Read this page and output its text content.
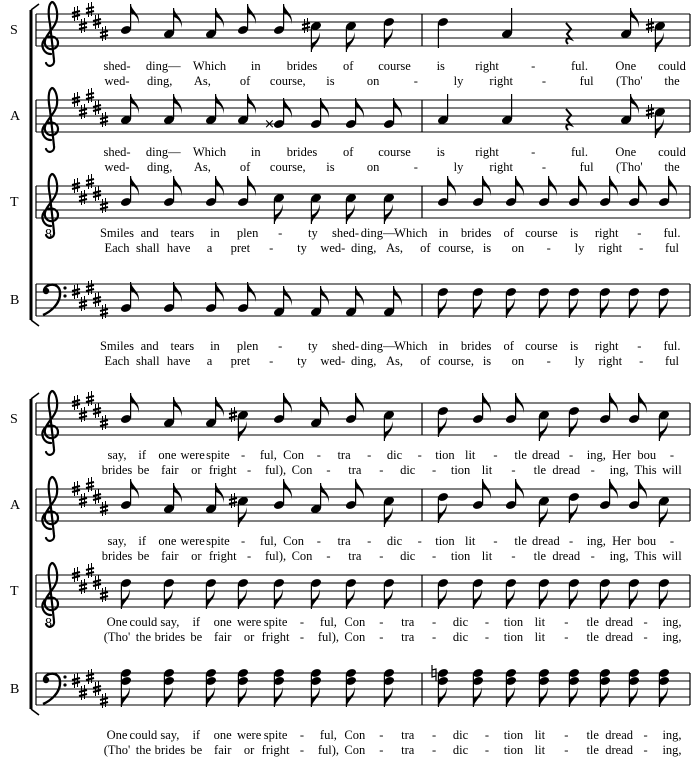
S
shed- ding— Which in brides of course is right	-	ful. One could
wed- ding, As, of course, is	on	-	ly right -	ful (Tho' the
A
×
shed- ding— Which in brides of course is right	-	ful. One could
wed- ding, As, of course, is	on	-	ly right -	ful (Tho' the
T
8	Smiles and tears in plen - ty shed- ding—
Which in brides of course is right - ful.
Each shall have a pret - ty wed- ding, As, of course, is on - ly right - ful
B
Smiles and tears in plen - ty shed- ding—
Which in brides of course is right - ful.
Each shall have a pret - ty wed- ding, As, of course, is on - ly right - ful
S
say, if one were spite - ful, Con - tra - dic - tion lit - tle dread - ing, Her bou -
brides be fair or fright - ful), Con - tra - dic - tion lit - tle dread - ing, This will
A
say, if one were spite - ful, Con - tra - dic - tion lit - tle dread - ing, Her bou -
brides be fair or fright - ful), Con - tra - dic - tion lit - tle dread - ing, This will
T
8	One could say, if one were spite - ful, Con - tra - dic - tion lit - tle dread - ing,
(Tho' the brides be fair or fright - ful), Con - tra - dic - tion lit - tle dread - ing,
B
One could say, if one were spite - ful, Con - tra - dic - tion lit - tle dread - ing,
(Tho' the brides be fair or fright - ful), Con - tra - dic - tion lit - tle dread - ing,
